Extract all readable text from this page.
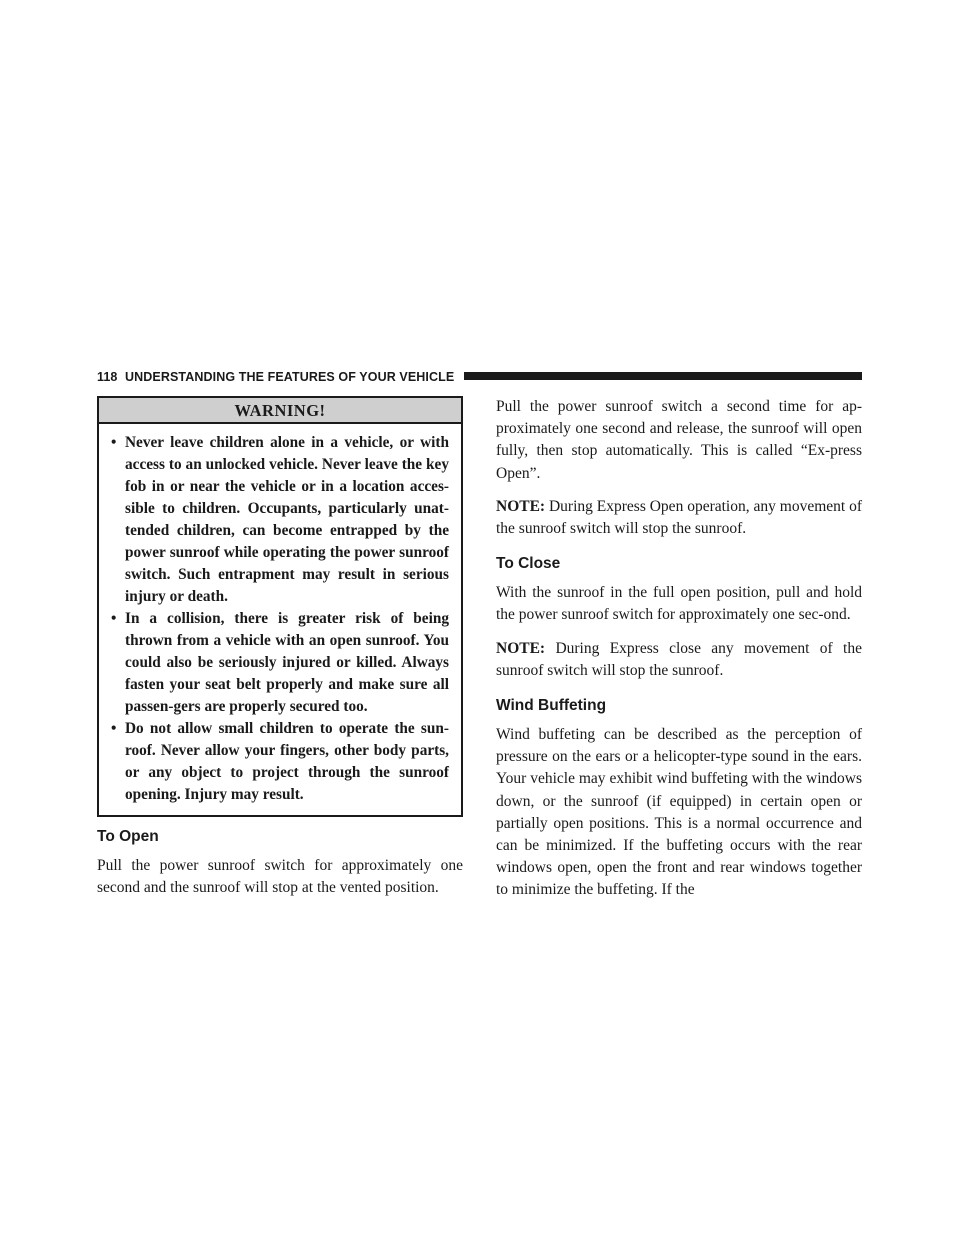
118 UNDERSTANDING THE FEATURES OF YOUR VEHICLE
WARNING!
• Never leave children alone in a vehicle, or with access to an unlocked vehicle. Never leave the key fob in or near the vehicle or in a location acces-sible to children. Occupants, particularly unat-tended children, can become entrapped by the power sunroof while operating the power sunroof switch. Such entrapment may result in serious injury or death.
• In a collision, there is greater risk of being thrown from a vehicle with an open sunroof. You could also be seriously injured or killed. Always fasten your seat belt properly and make sure all passen-gers are properly secured too.
• Do not allow small children to operate the sun-roof. Never allow your fingers, other body parts, or any object to project through the sunroof opening. Injury may result.
To Open

Pull the power sunroof switch for approximately one second and the sunroof will stop at the vented position.

Pull the power sunroof switch a second time for ap-proximately one second and release, the sunroof will open fully, then stop automatically. This is called “Ex-press Open”.

NOTE: During Express Open operation, any movement of the sunroof switch will stop the sunroof.

To Close

With the sunroof in the full open position, pull and hold the power sunroof switch for approximately one sec-ond.

NOTE: During Express close any movement of the sunroof switch will stop the sunroof.

Wind Buffeting

Wind buffeting can be described as the perception of pressure on the ears or a helicopter-type sound in the ears. Your vehicle may exhibit wind buffeting with the windows down, or the sunroof (if equipped) in certain open or partially open positions. This is a normal occurrence and can be minimized. If the buffeting occurs with the rear windows open, open the front and rear windows together to minimize the buffeting. If the
